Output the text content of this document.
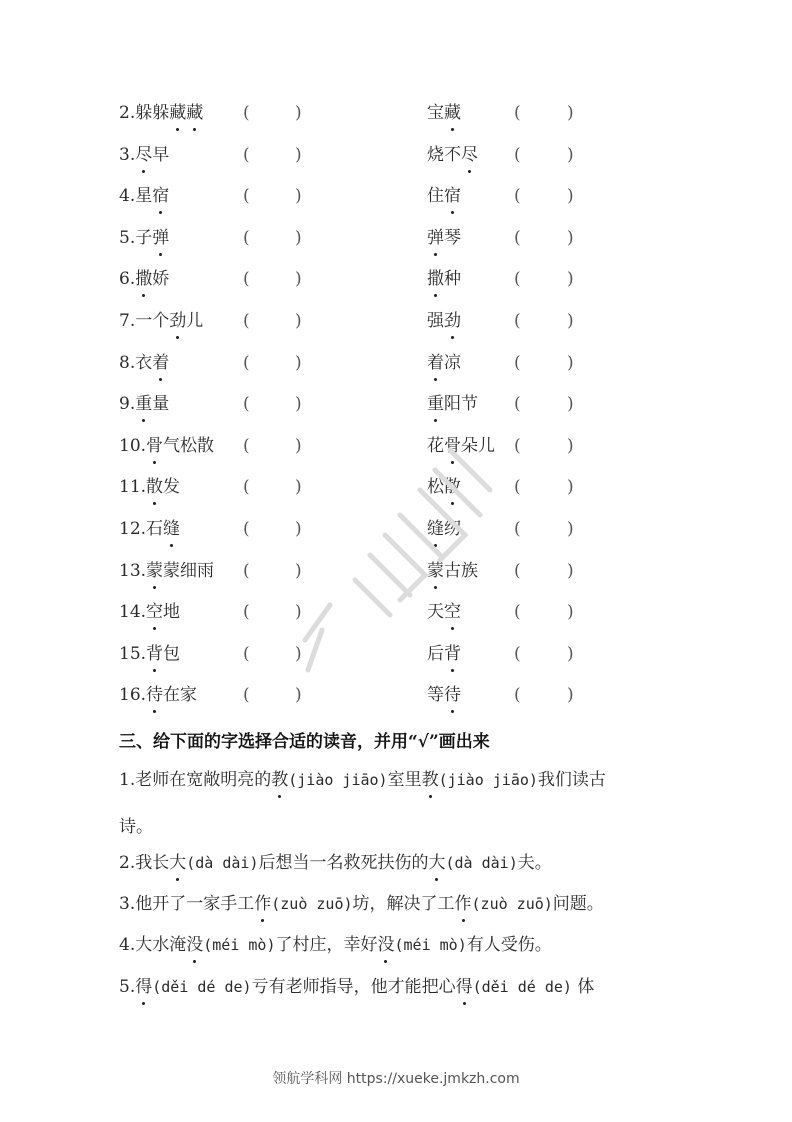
2.躲躲藏藏 (	)	宝藏	(	)
3.尽早	(	)	烧不尽 (	)
4.星宿	(	)	住宿	(	)
5.子弹	(	)	弹琴	(	)
6.撒娇	(	)	撒种	(	)
7.一个劲儿 (	)	强劲	(	)
8.衣着	(	)	着凉	(	)
9.重量	(	)	重阳节 (	)
10.骨气松散 (	)	花骨朵儿 (	)
11.散发	(	)	松散	(	)
12.石缝	(	)	缝纫	(	)
13.蒙蒙细雨 (	)	蒙古族 (	)
14.空地	(	)	天空	(	)
15.背包	(	)	后背	(	)
16.待在家	(	)	等待	(	)
三、给下面的字选择合适的读音，并用“√”画出来
1.老师在宽敞明亮的教(jiào jiāo)室里教(jiào jiāo)我们读古
诗。
2.我长大(dà dài)后想当一名救死扶伤的大(dà dài)夫。
3.他开了一家手工作(zuò zuō)坊，解决了工作(zuò zuō)问题。
4.大水淹没(méi mò)了村庄，幸好没(méi mò)有人受伤。
5.得(děi dé de)亏有老师指导，他才能把心得(děi dé de) 体
领航学科网 https://xueke.jmkzh.com
